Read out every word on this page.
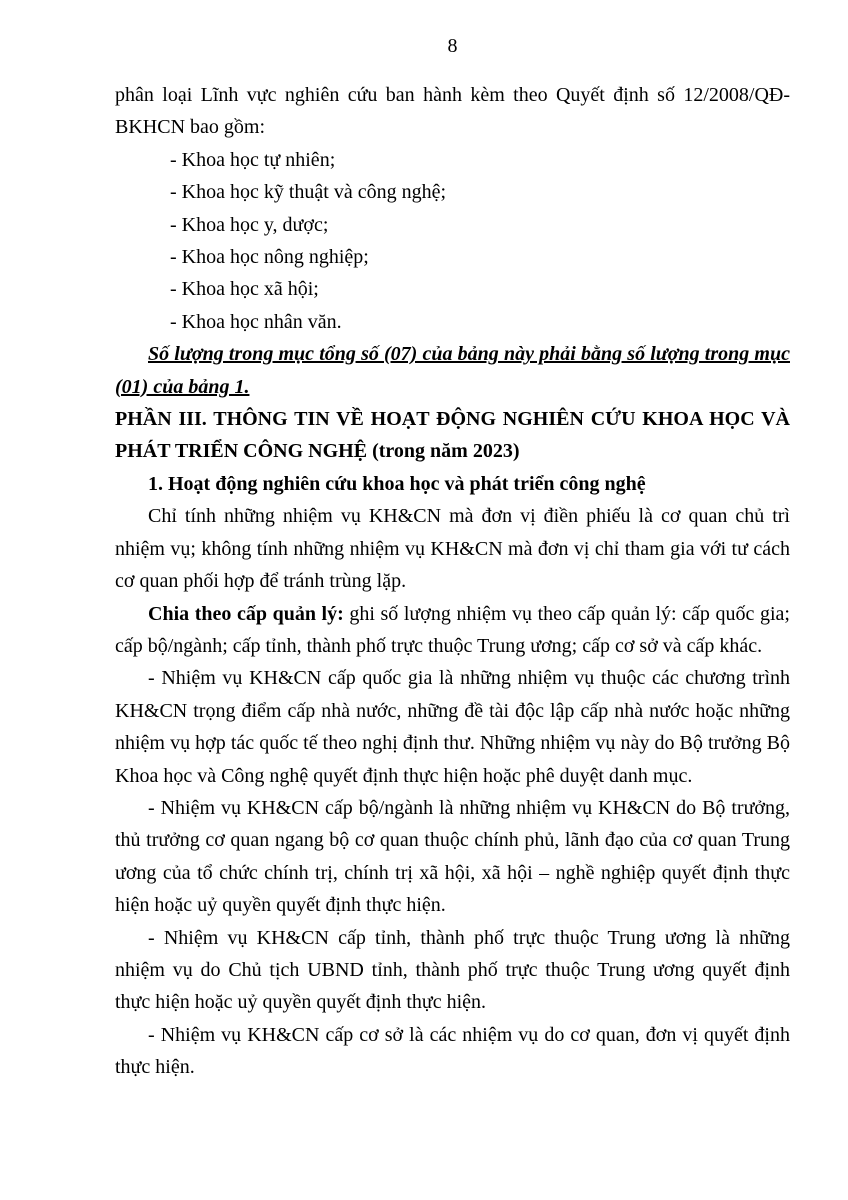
8

phân loại Lĩnh vực nghiên cứu ban hành kèm theo Quyết định số 12/2008/QĐ-BKHCN bao gồm:

- Khoa học tự nhiên;
- Khoa học kỹ thuật và công nghệ;
- Khoa học y, dược;
- Khoa học nông nghiệp;
- Khoa học xã hội;
- Khoa học nhân văn.

Số lượng trong mục tổng số (07) của bảng này phải bằng số lượng trong mục (01) của bảng 1.

PHẦN III. THÔNG TIN VỀ HOẠT ĐỘNG NGHIÊN CỨU KHOA HỌC VÀ PHÁT TRIỂN CÔNG NGHỆ (trong năm 2023)

1. Hoạt động nghiên cứu khoa học và phát triển công nghệ

Chỉ tính những nhiệm vụ KH&CN mà đơn vị điền phiếu là cơ quan chủ trì nhiệm vụ; không tính những nhiệm vụ KH&CN mà đơn vị chỉ tham gia với tư cách cơ quan phối hợp để tránh trùng lặp.

Chia theo cấp quản lý: ghi số lượng nhiệm vụ theo cấp quản lý: cấp quốc gia; cấp bộ/ngành; cấp tỉnh, thành phố trực thuộc Trung ương; cấp cơ sở và cấp khác.

- Nhiệm vụ KH&CN cấp quốc gia là những nhiệm vụ thuộc các chương trình KH&CN trọng điểm cấp nhà nước, những đề tài độc lập cấp nhà nước hoặc những nhiệm vụ hợp tác quốc tế theo nghị định thư. Những nhiệm vụ này do Bộ trưởng Bộ Khoa học và Công nghệ quyết định thực hiện hoặc phê duyệt danh mục.

- Nhiệm vụ KH&CN cấp bộ/ngành là những nhiệm vụ KH&CN do Bộ trưởng, thủ trưởng cơ quan ngang bộ cơ quan thuộc chính phủ, lãnh đạo của cơ quan Trung ương của tổ chức chính trị, chính trị xã hội, xã hội – nghề nghiệp quyết định thực hiện hoặc uỷ quyền quyết định thực hiện.

- Nhiệm vụ KH&CN cấp tỉnh, thành phố trực thuộc Trung ương là những nhiệm vụ do Chủ tịch UBND tỉnh, thành phố trực thuộc Trung ương quyết định thực hiện hoặc uỷ quyền quyết định thực hiện.

- Nhiệm vụ KH&CN cấp cơ sở là các nhiệm vụ do cơ quan, đơn vị quyết định thực hiện.
